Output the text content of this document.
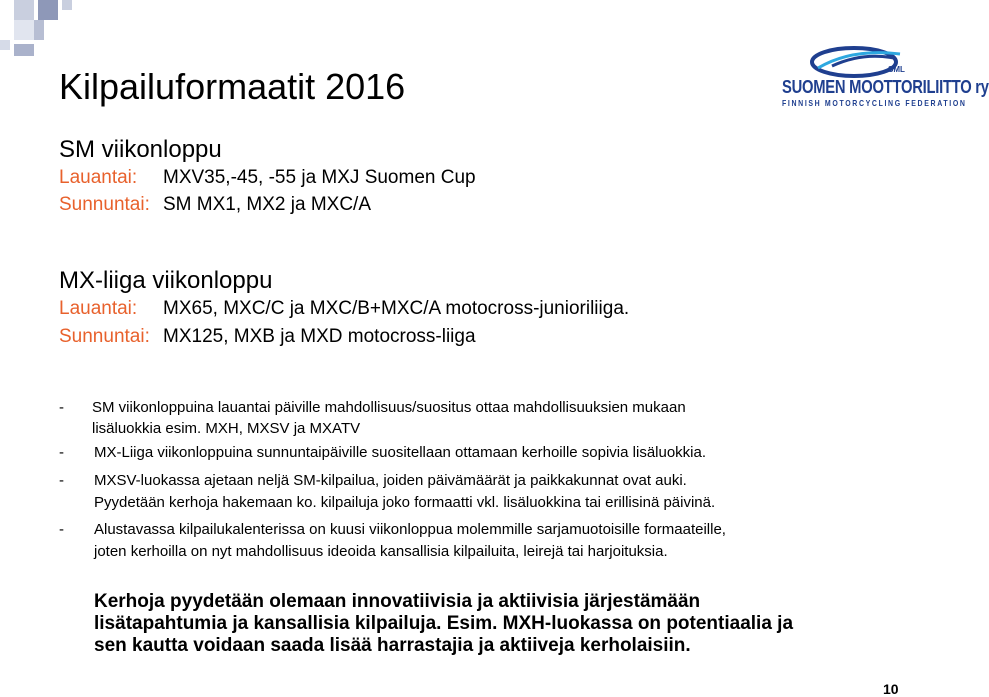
Kilpailuformaatit 2016	SML
SUOMEN MOOTTORILIITTO ry
FINNISH MOTORCYCLING FEDERATION
SM viikonloppu
Lauantai: MXV35,-45, -55 ja MXJ Suomen Cup
Sunnuntai: SM MX1, MX2 ja MXC/A
MX-liiga viikonloppu
Lauantai: MX65, MXC/C ja MXC/B+MXC/A motocross-junioriliiga.
Sunnuntai: MX125, MXB ja MXD motocross-liiga
- SM viikonloppuina lauantai päiville mahdollisuus/suositus ottaa mahdollisuuksien mukaan
lisäluokkia esim. MXH, MXSV ja MXATV
- MX-Liiga viikonloppuina sunnuntaipäiville suositellaan ottamaan kerhoille sopivia lisäluokkia.
- MXSV-luokassa ajetaan neljä SM-kilpailua, joiden päivämäärät ja paikkakunnat ovat auki.
Pyydetään kerhoja hakemaan ko. kilpailuja joko formaatti vkl. lisäluokkina tai erillisinä päivinä.
- Alustavassa kilpailukalenterissa on kuusi viikonloppua molemmille sarjamuotoisille formaateille,
joten kerhoilla on nyt mahdollisuus ideoida kansallisia kilpailuita, leirejä tai harjoituksia.
Kerhoja pyydetään olemaan innovatiivisia ja aktiivisia järjestämään
lisätapahtumia ja kansallisia kilpailuja. Esim. MXH-luokassa on potentiaalia ja
sen kautta voidaan saada lisää harrastajia ja aktiiveja kerholaisiin.
10
